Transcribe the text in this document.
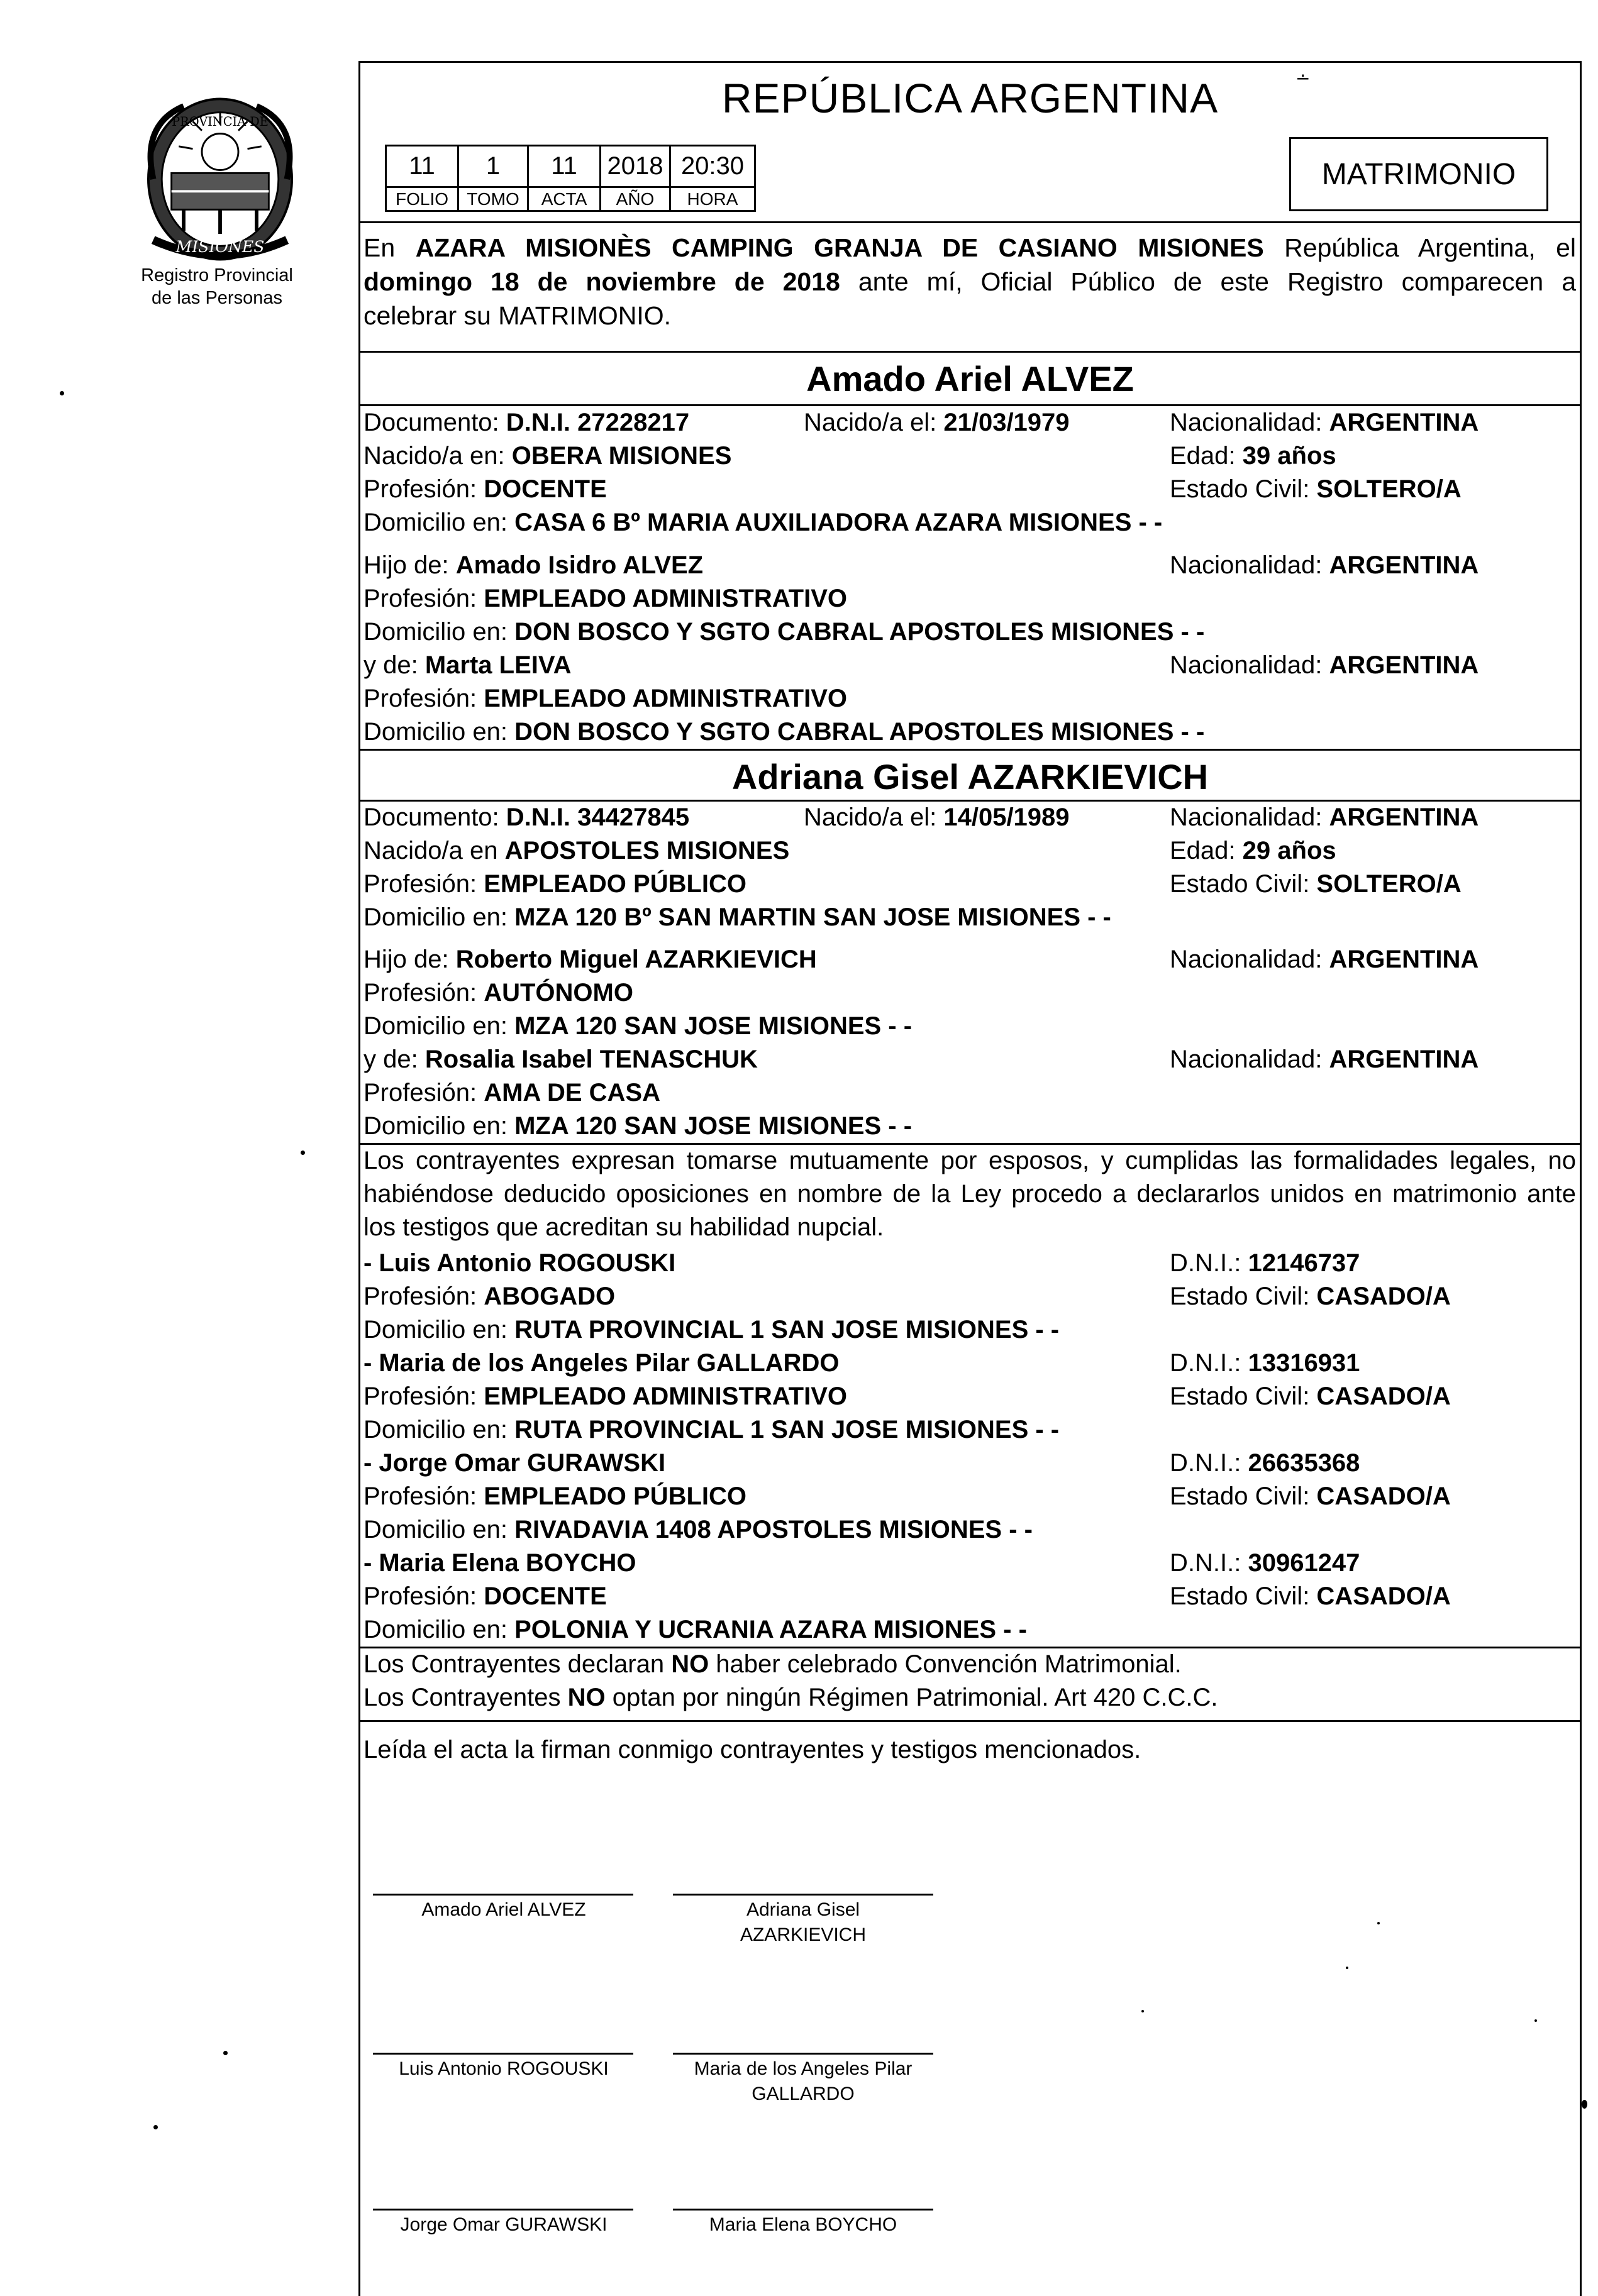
PROVINCIA DE
MISIONES
Registro Provincial
de las Personas
REPÚBLICA ARGENTINA	∸
11	1	11	2018	20:30
FOLIO	TOMO	ACTA	AÑO	HORA
MATRIMONIO
En AZARA MISIONÈS CAMPING GRANJA DE CASIANO MISIONES República Argentina, el
domingo 18 de noviembre de 2018 ante mí, Oficial Público de este Registro comparecen a
celebrar su MATRIMONIO.
Amado Ariel ALVEZ
Documento: D.N.I. 27228217	Nacido/a el: 21/03/1979	Nacionalidad: ARGENTINA
Nacido/a en: OBERA MISIONES	Edad: 39 años
Profesión: DOCENTE	Estado Civil: SOLTERO/A
Domicilio en: CASA 6 Bº MARIA AUXILIADORA AZARA MISIONES - -
Hijo de: Amado Isidro ALVEZ	Nacionalidad: ARGENTINA
Profesión: EMPLEADO ADMINISTRATIVO
Domicilio en: DON BOSCO Y SGTO CABRAL APOSTOLES MISIONES - -
y de: Marta LEIVA	Nacionalidad: ARGENTINA
Profesión: EMPLEADO ADMINISTRATIVO
Domicilio en: DON BOSCO Y SGTO CABRAL APOSTOLES MISIONES - -
Adriana Gisel AZARKIEVICH
Documento: D.N.I. 34427845	Nacido/a el: 14/05/1989	Nacionalidad: ARGENTINA
Nacido/a en APOSTOLES MISIONES	Edad: 29 años
Profesión: EMPLEADO PÚBLICO	Estado Civil: SOLTERO/A
Domicilio en: MZA 120 Bº SAN MARTIN SAN JOSE MISIONES - -
Hijo de: Roberto Miguel AZARKIEVICH	Nacionalidad: ARGENTINA
Profesión: AUTÓNOMO
Domicilio en: MZA 120 SAN JOSE MISIONES - -
y de: Rosalia Isabel TENASCHUK	Nacionalidad: ARGENTINA
Profesión: AMA DE CASA
Domicilio en: MZA 120 SAN JOSE MISIONES - -
Los contrayentes expresan tomarse mutuamente por esposos, y cumplidas las formalidades legales, no
habiéndose deducido oposiciones en nombre de la Ley procedo a declararlos unidos en matrimonio ante
los testigos que acreditan su habilidad nupcial.
- Luis Antonio ROGOUSKI	D.N.I.: 12146737
Profesión: ABOGADO	Estado Civil: CASADO/A
Domicilio en: RUTA PROVINCIAL 1 SAN JOSE MISIONES - -
- Maria de los Angeles Pilar GALLARDO	D.N.I.: 13316931
Profesión: EMPLEADO ADMINISTRATIVO	Estado Civil: CASADO/A
Domicilio en: RUTA PROVINCIAL 1 SAN JOSE MISIONES - -
- Jorge Omar GURAWSKI	D.N.I.: 26635368
Profesión: EMPLEADO PÚBLICO	Estado Civil: CASADO/A
Domicilio en: RIVADAVIA 1408 APOSTOLES MISIONES - -
- Maria Elena BOYCHO	D.N.I.: 30961247
Profesión: DOCENTE	Estado Civil: CASADO/A
Domicilio en: POLONIA Y UCRANIA AZARA MISIONES - -
Los Contrayentes declaran NO haber celebrado Convención Matrimonial.
Los Contrayentes NO optan por ningún Régimen Patrimonial. Art 420 C.C.C.
Leída el acta la firman conmigo contrayentes y testigos mencionados.
Amado Ariel ALVEZ	Adriana Gisel
AZARKIEVICH
Luis Antonio ROGOUSKI	Maria de los Angeles Pilar
GALLARDO
Jorge Omar GURAWSKI	Maria Elena BOYCHO
